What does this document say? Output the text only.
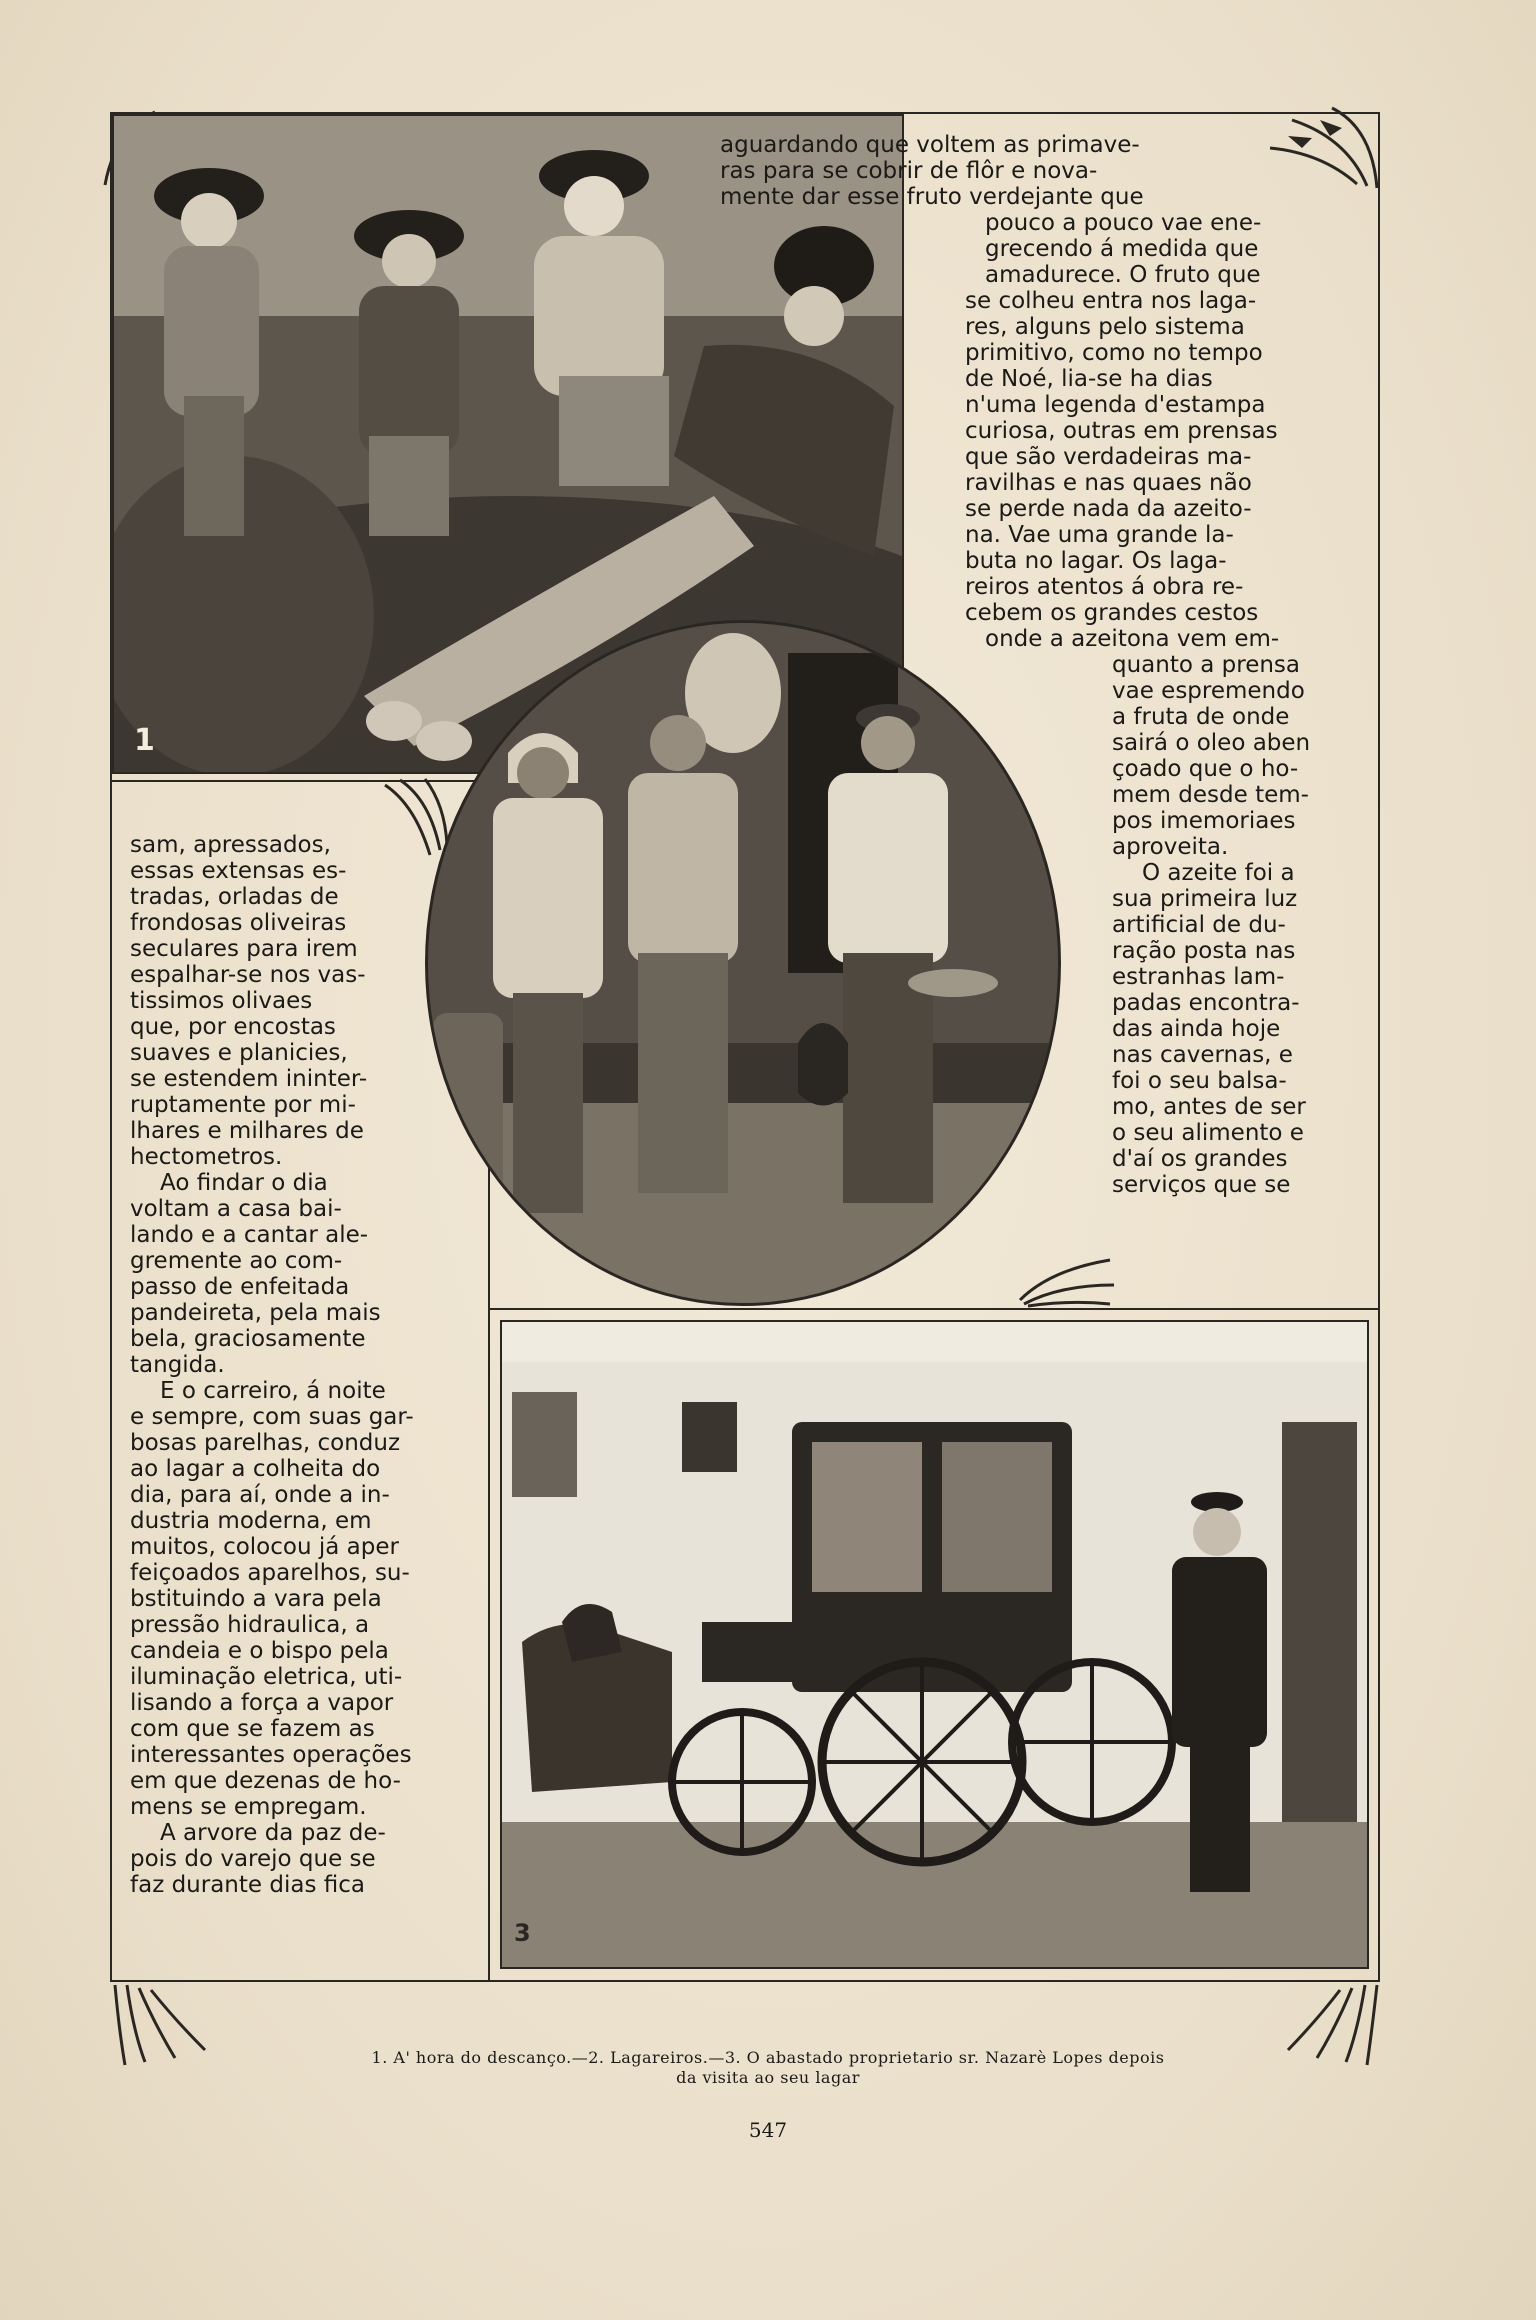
1
2
3

aguardando que voltem as primave-

ras para se cobrir de flôr e nova-

mente dar esse fruto verdejante que

pouco a pouco vae ene-

grecendo á medida que

amadurece. O fruto que

se colheu entra nos laga-

res, alguns pelo sistema

primitivo, como no tempo

de Noé, lia-se ha dias

n'uma legenda d'estampa

curiosa, outras em prensas

que são verdadeiras ma-

ravilhas e nas quaes não

se perde nada da azeito-

na. Vae uma grande la-

buta no lagar. Os laga-

reiros atentos á obra re-

cebem os grandes cestos

onde a azeitona vem em-

quanto a prensa

vae espremendo

a fruta de onde

sairá o oleo aben

çoado que o ho-

mem desde tem-

pos imemoriaes

aproveita.

O azeite foi a

sua primeira luz

artificial de du-

ração posta nas

estranhas lam-

padas encontra-

das ainda hoje

nas cavernas, e

foi o seu balsa-

mo, antes de ser

o seu alimento e

d'aí os grandes

serviços que se

sam, apressados,

essas extensas es-

tradas, orladas de

frondosas oliveiras

seculares para irem

espalhar-se nos vas-

tissimos olivaes

que, por encostas

suaves e planicies,

se estendem ininter-

ruptamente por mi-

lhares e milhares de

hectometros.

Ao findar o dia

voltam a casa bai-

lando e a cantar ale-

gremente ao com-

passo de enfeitada

pandeireta, pela mais

bela, graciosamente

tangida.

E o carreiro, á noite

e sempre, com suas gar-

bosas parelhas, conduz

ao lagar a colheita do

dia, para aí, onde a in-

dustria moderna, em

muitos, colocou já aper

feiçoados aparelhos, su-

bstituindo a vara pela

pressão hidraulica, a

candeia e o bispo pela

iluminação eletrica, uti-

lisando a força a vapor

com que se fazem as

interessantes operações

em que dezenas de ho-

mens se empregam.

A arvore da paz de-

pois do varejo que se

faz durante dias fica

1. A' hora do descanço.—2. Lagareiros.—3. O abastado proprietario sr. Nazarè Lopes depois
da visita ao seu lagar
547
